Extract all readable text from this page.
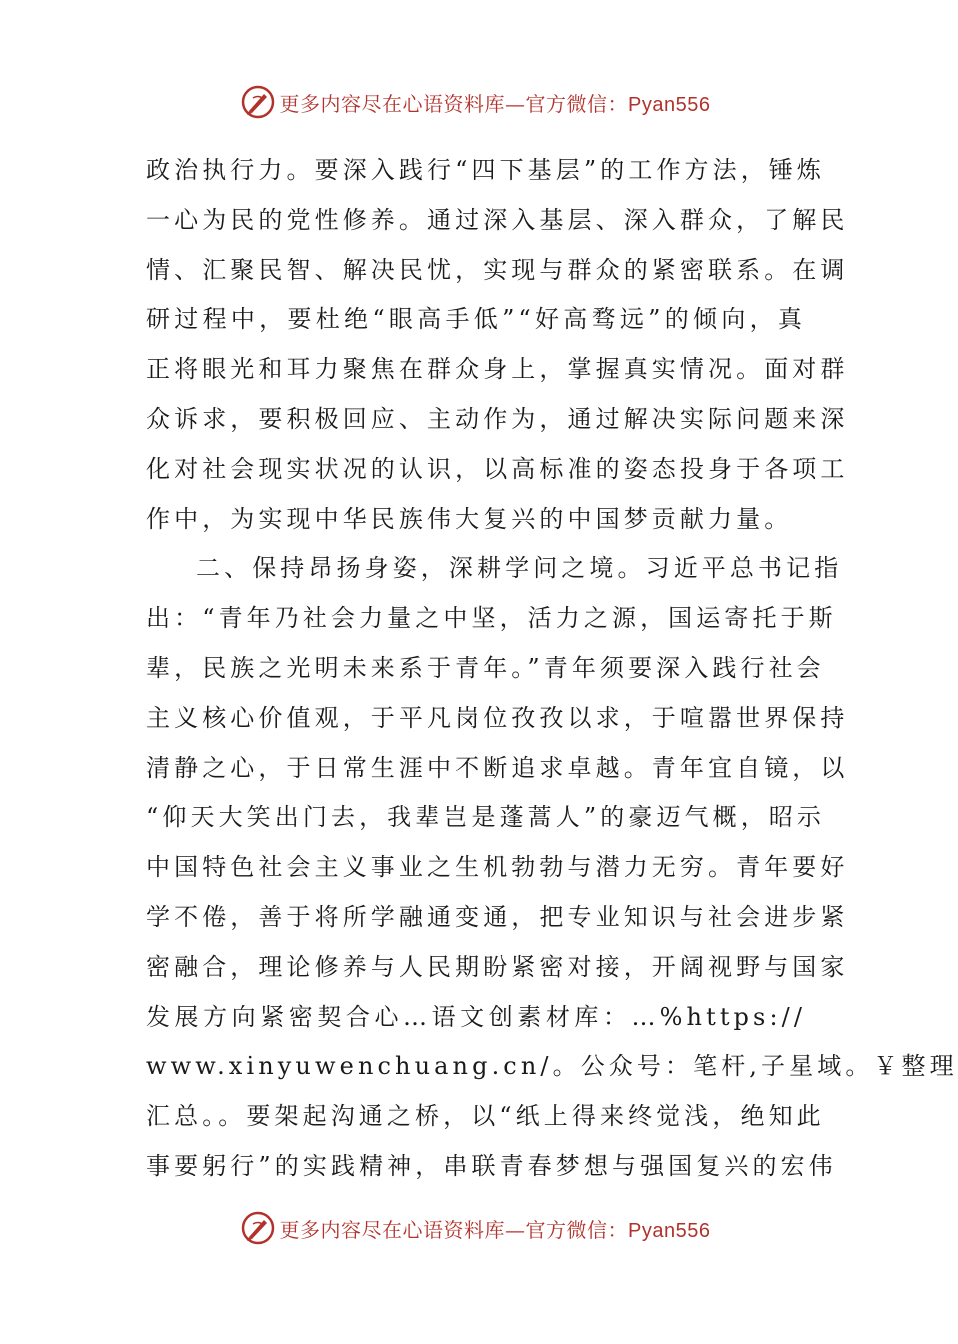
更多内容尽在心语资料库—官方微信：Pyan556
政治执行力。要深入践行“四下基层”的工作方法，锤炼
一心为民的党性修养。通过深入基层、深入群众，了解民
情、汇聚民智、解决民忧，实现与群众的紧密联系。在调
研过程中，要杜绝“眼高手低”“好高骛远”的倾向，真
正将眼光和耳力聚焦在群众身上，掌握真实情况。面对群
众诉求，要积极回应、主动作为，通过解决实际问题来深
化对社会现实状况的认识，以高标准的姿态投身于各项工
作中，为实现中华民族伟大复兴的中国梦贡献力量。
二、保持昂扬身姿，深耕学问之境。习近平总书记指
出：“青年乃社会力量之中坚，活力之源，国运寄托于斯
辈，民族之光明未来系于青年。”青年须要深入践行社会
主义核心价值观，于平凡岗位孜孜以求，于喧嚣世界保持
清静之心，于日常生涯中不断追求卓越。青年宜自镜，以
“仰天大笑出门去，我辈岂是蓬蒿人”的豪迈气概，昭示
中国特色社会主义事业之生机勃勃与潜力无穷。青年要好
学不倦，善于将所学融通变通，把专业知识与社会进步紧
密融合，理论修养与人民期盼紧密对接，开阔视野与国家
发展方向紧密契合心…语文创素材库：…%https://
www.xinyuwenchuang.cn/。公众号：笔杆,子星域。￥整理
汇总。。要架起沟通之桥，以“纸上得来终觉浅，绝知此
事要躬行”的实践精神，串联青春梦想与强国复兴的宏伟
更多内容尽在心语资料库—官方微信：Pyan556
